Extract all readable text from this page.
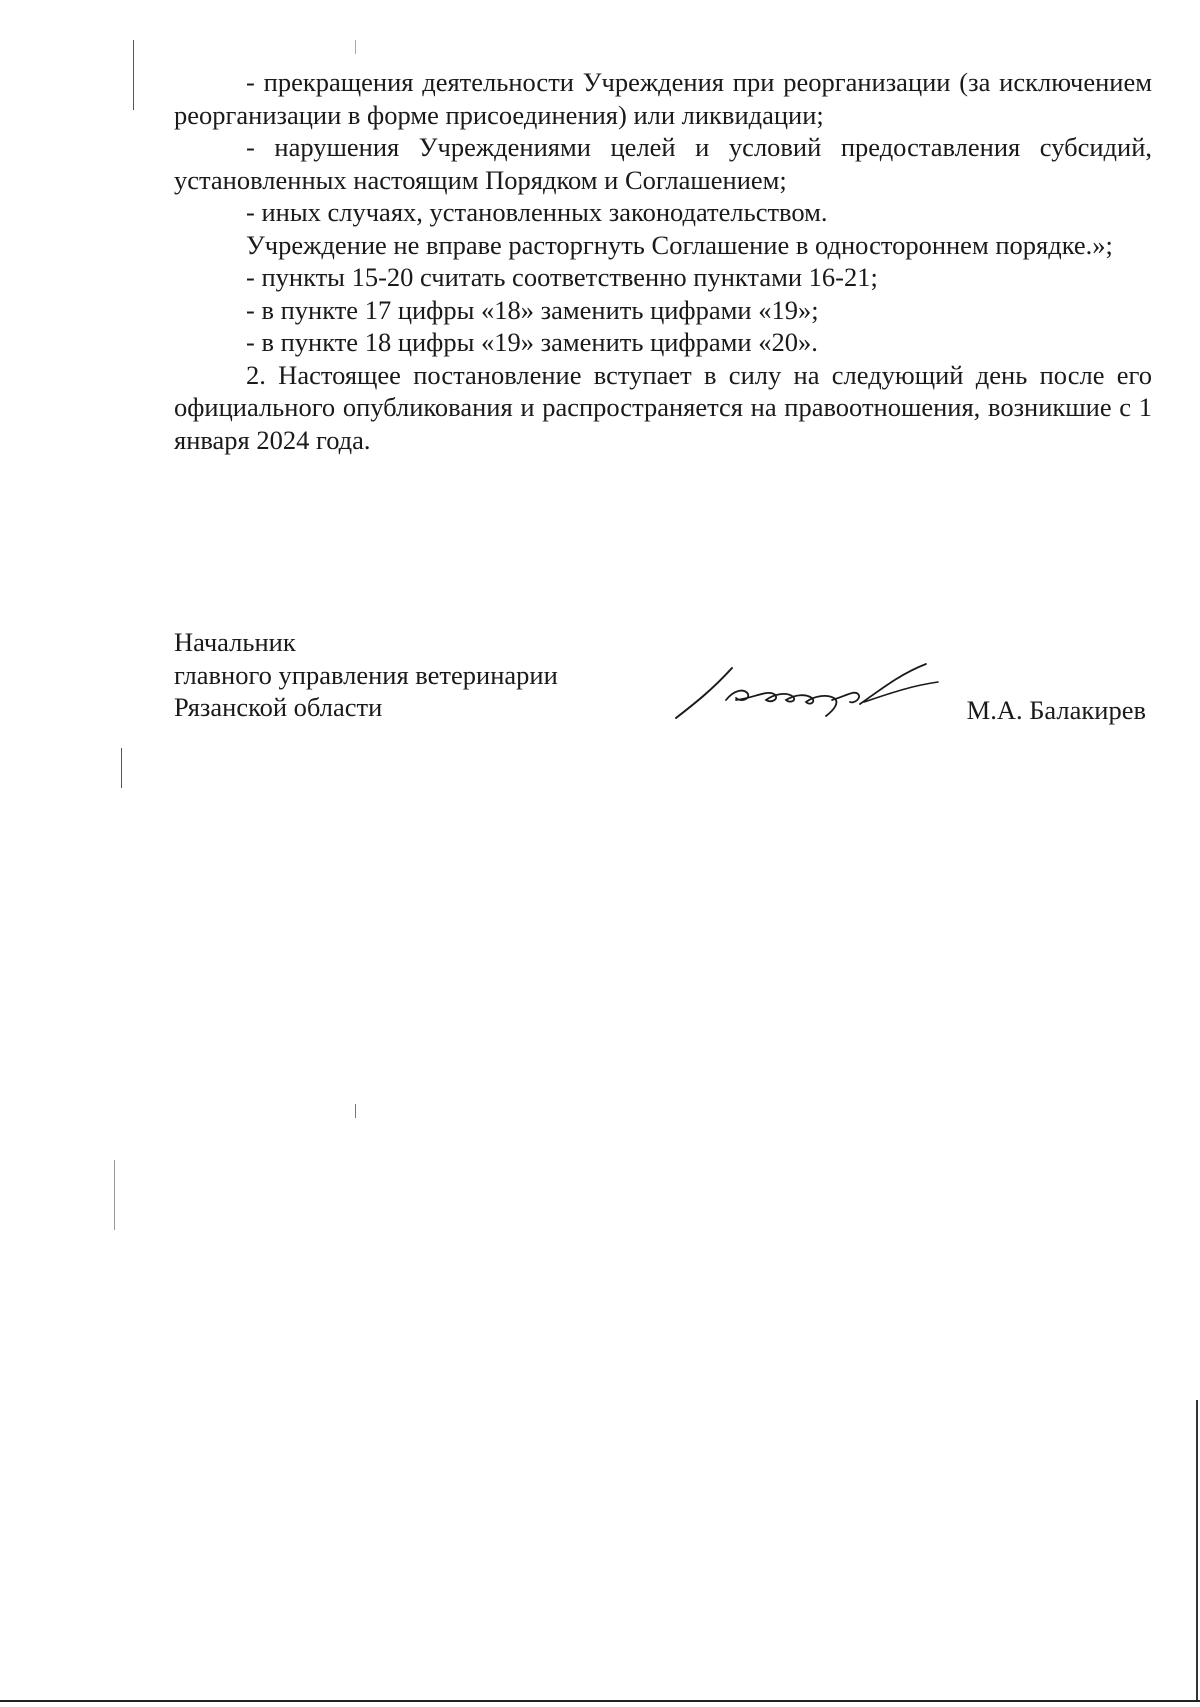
- прекращения деятельности Учреждения при реорганизации (за исключением реорганизации в форме присоединения) или ликвидации;

- нарушения Учреждениями целей и условий предоставления субсидий, установленных настоящим Порядком и Соглашением;

- иных случаях, установленных законодательством.

Учреждение не вправе расторгнуть Соглашение в одностороннем порядке.»;

- пункты 15-20 считать соответственно пунктами 16-21;

- в пункте 17 цифры «18» заменить цифрами «19»;

- в пункте 18 цифры «19» заменить цифрами «20».

2. Настоящее постановление вступает в силу на следующий день после его официального опубликования и распространяется на правоотношения, возникшие с 1 января 2024 года.

Начальник
главного управления ветеринарии
Рязанской области	М.А. Балакирев
